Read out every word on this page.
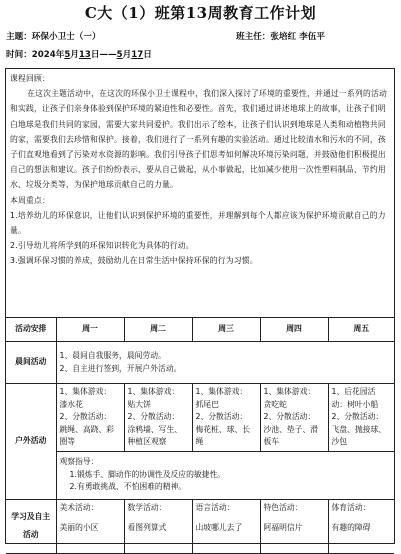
C大（1）班第13周教育工作计划
主题：环保小卫士（一）	班主任：张培红 李伍平
时间：2024年5月13日——5月17日

课程回顾：

在这次主题活动中，在这次的环保小卫士课程中，我们深入探讨了环境的重要性，并通过一系列的活动和实践，让孩子们亲身体验到保护环境的紧迫性和必要性。首先，我们通过讲述地球上的故事，让孩子们明白地球是我们共同的家园，需要大家共同爱护。我们出示了绘本，让孩子们认识到地球是人类和动植物共同的家，需要我们去珍惜和保护。接着，我们进行了一系列有趣的实验活动。通过比较清水和污水的不同，孩子们直观地看到了污染对水资源的影响。我们引导孩子们思考如何解决环境污染问题，并鼓励他们积极提出自己的想法和建议。孩子们纷纷表示，要从自己做起，从小事做起，比如减少使用一次性塑料制品、节约用水、垃圾分类等，为保护地球贡献自己的力量。

本周重点：

1.培养幼儿的环保意识，让他们认识到保护环境的重要性，并理解到每个人都应该为保护环境贡献自己的力量。

2.引导幼儿将所学到的环保知识转化为具体的行动。

3.强调环保习惯的养成，鼓励幼儿在日常生活中保持环保的行为习惯。

活动安排	周一	周二	周三	周四	周五
晨间活动	1、晨间自我服务，晨间劳动。
2、自主进行签到，开展户外活动。				

户外活动	1、集体游戏：
漆水花
2、分散活动：
跳绳、高跷、彩圈等	1、集体游戏：
贴大饼
2、分散活动：
涂鸦墙、写生、种植区观察	1、集体游戏：
抓尾巴
2、分散活动：
梅花桩、球、长绳	1、集体游戏：
贪吃蛇
2、分散活动：
沙池、垫子、滑板车	1、后花园活动：树叶小船
2、分散活动：
飞盘、抛接球、沙包

	观察指导：
1.锻炼手、脚动作的协调性及反应的敏捷性。
2.有勇敢挑战、不怕困难的精神。				

学习及自主活动	美术活动：
美丽的小区	数学活动：
看图列算式	语言活动：
山坡哪儿去了	特色活动：
阿福明信片	体育活动：
有趣的障碍
